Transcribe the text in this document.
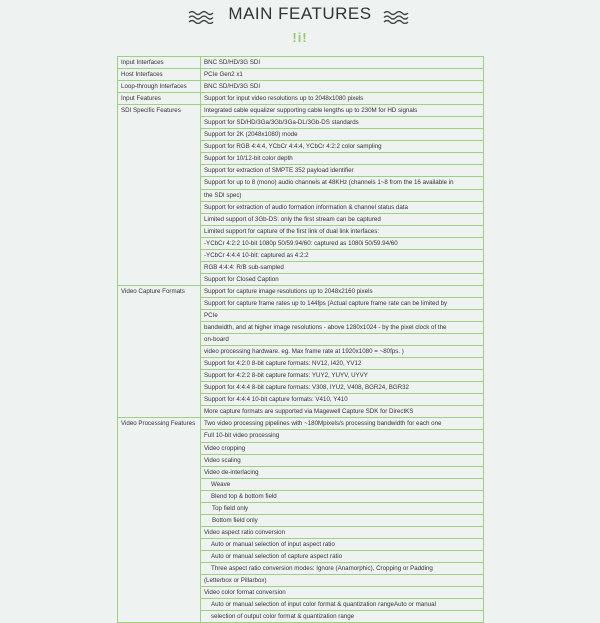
MAIN FEATURES
!i!
Input Interfaces	BNC SD/HD/3G SDI
Host Interfaces	PCIe Gen2 x1
Loop-through Interfaces	BNC SD/HD/3G SDI
Input Features	Support for input video resolutions up to 2048x1080 pixels
SDI Specific Features	Integrated cable equalizer supporting cable lengths up to 230M for HD signals
	Support for SD/HD/3Ga/3Gb/3Ga-DL/3Gb-DS standards
	Support for 2K (2048x1080) mode
	Support for RGB 4:4:4, YCbCr 4:4:4, YCbCr 4:2:2 color sampling
	Support for 10/12-bit color depth
	Support for extraction of SMPTE 352 payload identifier
	Support for up to 8 (mono) audio channels at 48KHz (channels 1~8 from the 16 available in
	the SDI spec)
	Support for extraction of audio formation information & channel status data
	Limited support of 3Gb-DS: only the first stream can be captured
	Limited support for capture of the first link of dual link interfaces:
	-YCbCr 4:2:2 10-bit 1080p 50/59.94/60: captured as 1080i 50/59.94/60
	-YCbCr 4:4:4 10-bit: captured as 4:2:2
	RGB 4:4:4: R/B sub-sampled
	Support for Closed Caption
Video Capture Formats	Support for capture image resolutions up to 2048x2160 pixels
	Support for capture frame rates up to 144fps (Actual capture frame rate can be limited by
	PCIe
	bandwidth, and at higher image resolutions - above 1280x1024 - by the pixel clock of the
	on-board
	video processing hardware. eg. Max frame rate at 1920x1080 = ~80fps. )
	Support for 4:2:0 8-bit capture formats: NV12, I420, YV12
	Support for 4:2:2 8-bit capture formats: YUY2, YUYV, UYVY
	Support for 4:4:4 8-bit capture formats: V308, IYU2, V408, BGR24, BGR32
	Support for 4:4:4 10-bit capture formats: V410, Y410
	More capture formats are supported via Magewell Capture SDK for DirectKS
Video Processing Features	Two video processing pipelines with ~180Mpixels/s processing bandwidth for each one
	Full 10-bit video processing
	Video cropping
	Video scaling
	Video de-interlacing
	Weave
	Blend top & bottom field
	Top field only
	Bottom field only
	Video aspect ratio conversion
	Auto or manual selection of input aspect ratio
	Auto or manual selection of capture aspect ratio
	Three aspect ratio conversion modes: Ignore (Anamorphic), Cropping or Padding
	(Letterbox or Pillarbox)
	Video color format conversion
	Auto or manual selection of input color format & quantization rangeAuto or manual
	selection of output color format & quantization range
